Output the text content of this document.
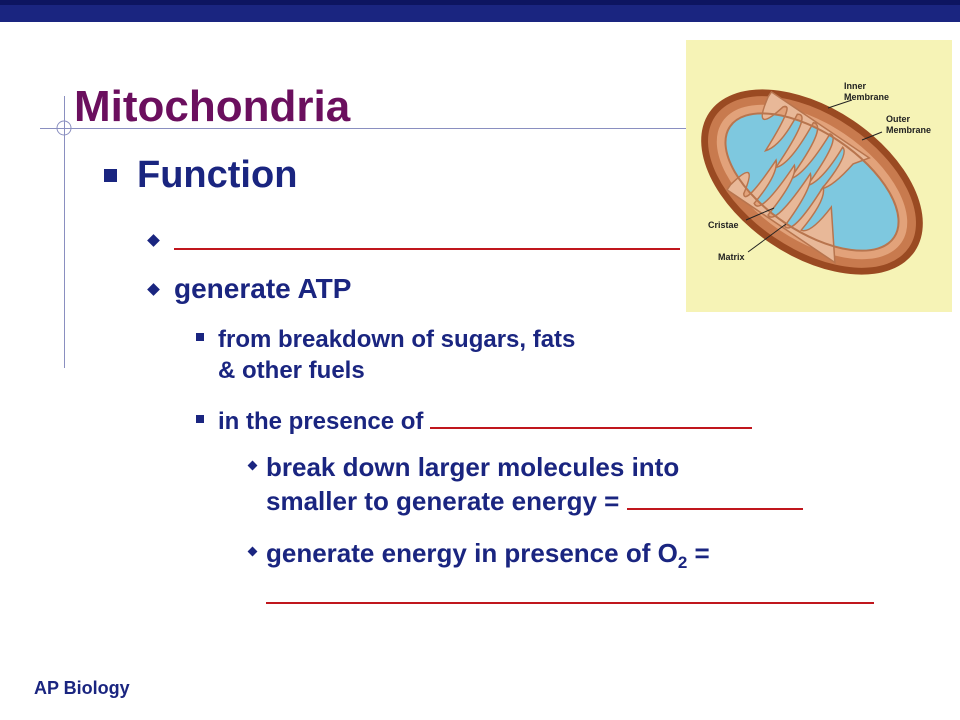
Mitochondria
Function
generate ATP
from breakdown of sugars, fats
& other fuels
in the presence of
break down larger molecules into
smaller to generate energy =
generate energy in presence of $O_2$ =
Inner
Membrane
Outer
Membrane
Cristae
Matrix
AP Biology
